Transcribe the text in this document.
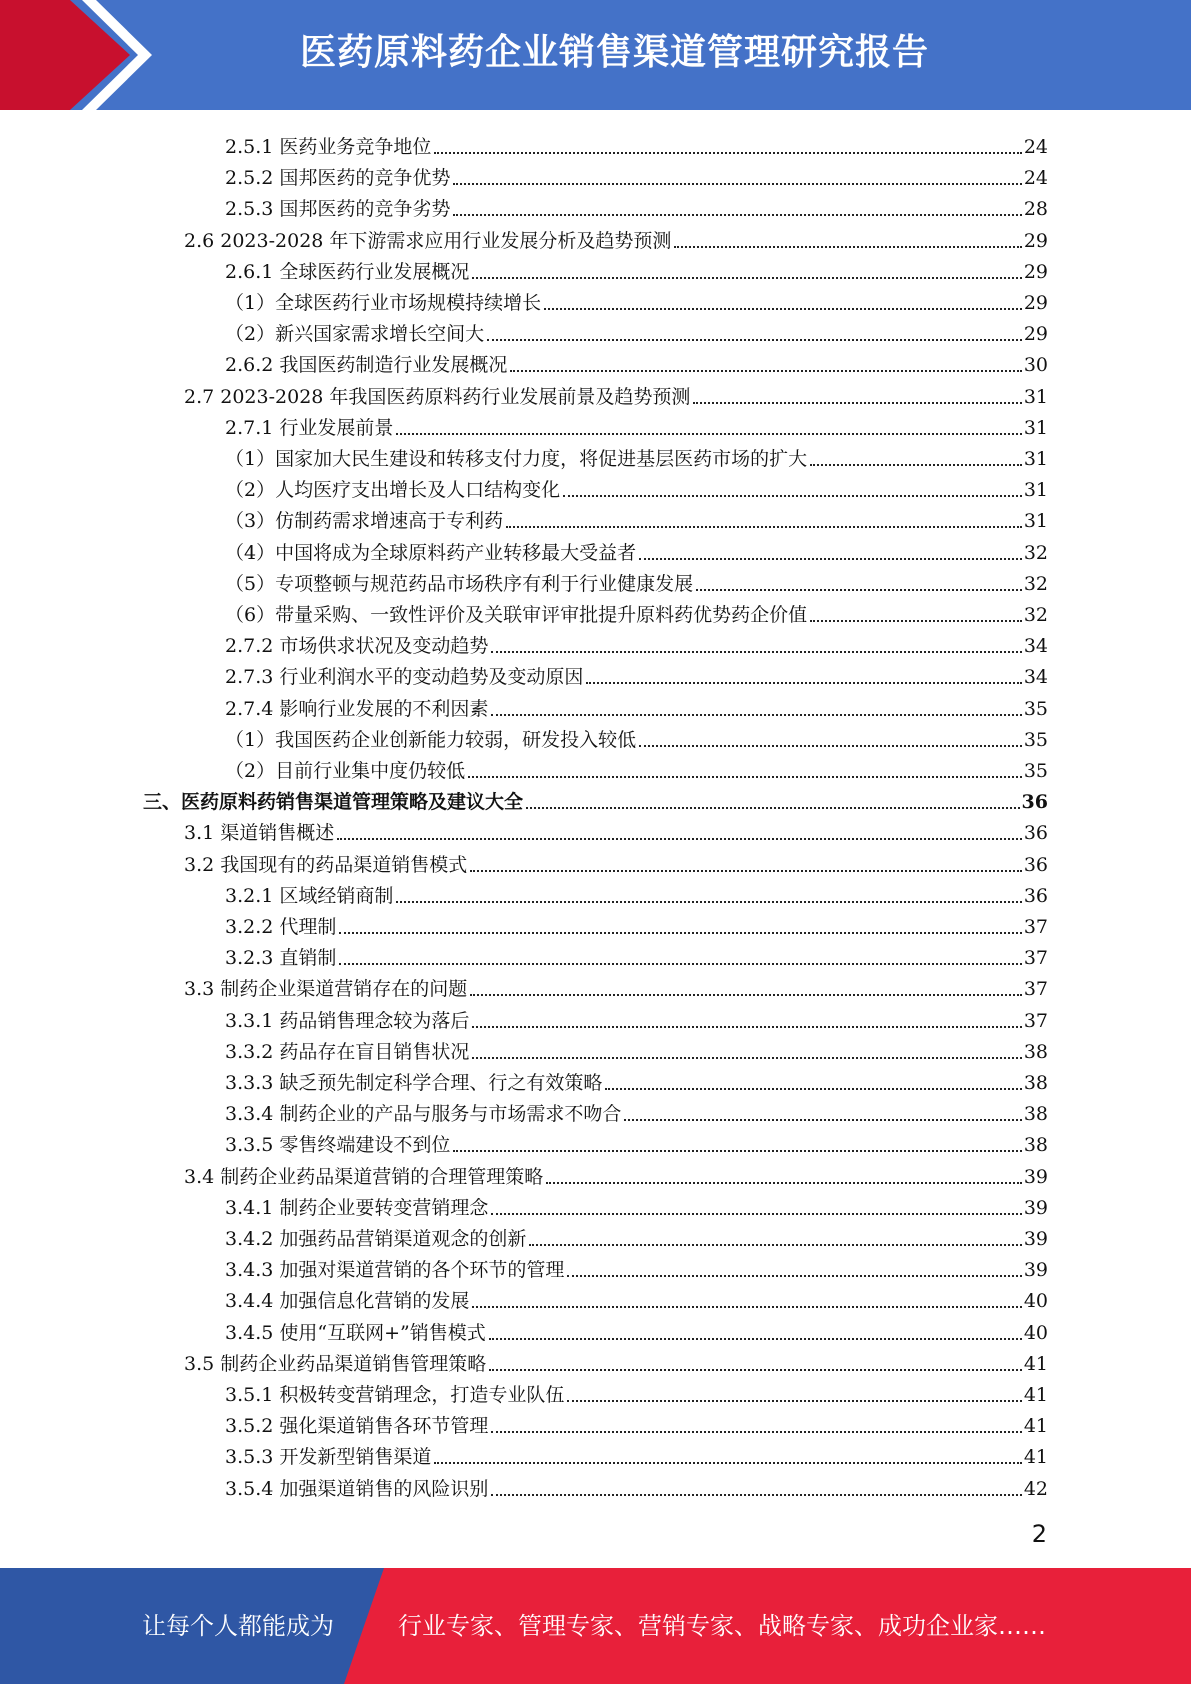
医药原料药企业销售渠道管理研究报告
2.5.1 医药业务竞争地位	24
2.5.2 国邦医药的竞争优势	24
2.5.3 国邦医药的竞争劣势	28
2.6 2023-2028 年下游需求应用行业发展分析及趋势预测	29
2.6.1 全球医药行业发展概况	29
（1）全球医药行业市场规模持续增长	29
（2）新兴国家需求增长空间大	29
2.6.2 我国医药制造行业发展概况	30
2.7 2023-2028 年我国医药原料药行业发展前景及趋势预测	31
2.7.1 行业发展前景	31
（1）国家加大民生建设和转移支付力度，将促进基层医药市场的扩大	31
（2）人均医疗支出增长及人口结构变化	31
（3）仿制药需求增速高于专利药	31
（4）中国将成为全球原料药产业转移最大受益者	32
（5）专项整顿与规范药品市场秩序有利于行业健康发展	32
（6）带量采购、一致性评价及关联审评审批提升原料药优势药企价值	32
2.7.2 市场供求状况及变动趋势	34
2.7.3 行业利润水平的变动趋势及变动原因	34
2.7.4 影响行业发展的不利因素	35
（1）我国医药企业创新能力较弱，研发投入较低	35
（2）目前行业集中度仍较低	35
三、医药原料药销售渠道管理策略及建议大全	36
3.1 渠道销售概述	36
3.2 我国现有的药品渠道销售模式	36
3.2.1 区域经销商制	36
3.2.2 代理制	37
3.2.3 直销制	37
3.3 制药企业渠道营销存在的问题	37
3.3.1 药品销售理念较为落后	37
3.3.2 药品存在盲目销售状况	38
3.3.3 缺乏预先制定科学合理、行之有效策略	38
3.3.4 制药企业的产品与服务与市场需求不吻合	38
3.3.5 零售终端建设不到位	38
3.4 制药企业药品渠道营销的合理管理策略	39
3.4.1 制药企业要转变营销理念	39
3.4.2 加强药品营销渠道观念的创新	39
3.4.3 加强对渠道营销的各个环节的管理	39
3.4.4 加强信息化营销的发展	40
3.4.5 使用“互联网+”销售模式	40
3.5 制药企业药品渠道销售管理策略	41
3.5.1 积极转变营销理念，打造专业队伍	41
3.5.2 强化渠道销售各环节管理	41
3.5.3 开发新型销售渠道	41
3.5.4 加强渠道销售的风险识别	42
2
让每个人都能成为	行业专家、管理专家、营销专家、战略专家、成功企业家……
